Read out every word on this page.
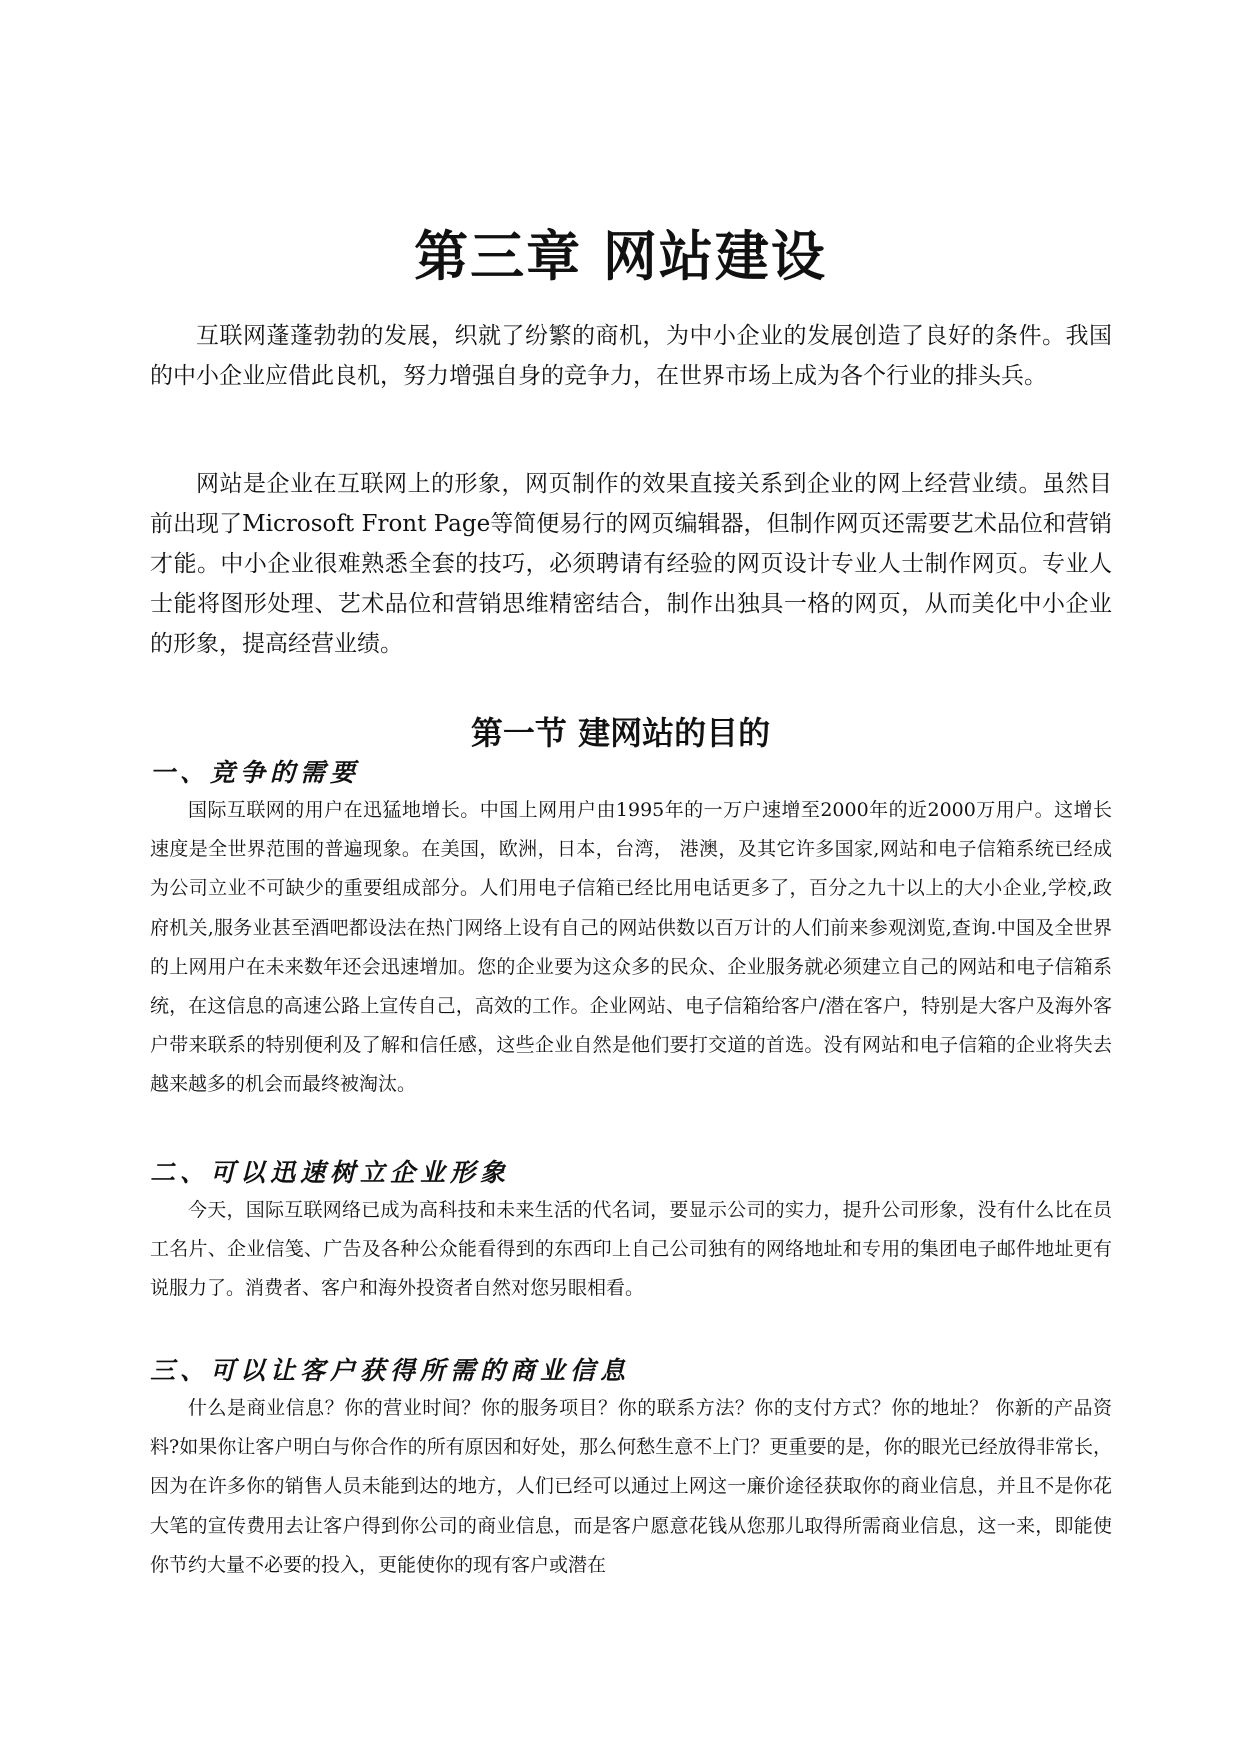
第三章 网站建设

互联网蓬蓬勃勃的发展，织就了纷繁的商机，为中小企业的发展创造了良好的条件。我国的中小企业应借此良机，努力增强自身的竞争力，在世界市场上成为各个行业的排头兵。

网站是企业在互联网上的形象，网页制作的效果直接关系到企业的网上经营业绩。虽然目前出现了Microsoft Front Page等简便易行的网页编辑器，但制作网页还需要艺术品位和营销才能。中小企业很难熟悉全套的技巧，必须聘请有经验的网页设计专业人士制作网页。专业人士能将图形处理、艺术品位和营销思维精密结合，制作出独具一格的网页，从而美化中小企业的形象，提高经营业绩。

第一节 建网站的目的
一、竞争的需要

国际互联网的用户在迅猛地增长。中国上网用户由1995年的一万户速增至2000年的近2000万用户。这增长速度是全世界范围的普遍现象。在美国，欧洲，日本，台湾， 港澳，及其它许多国家,网站和电子信箱系统已经成为公司立业不可缺少的重要组成部分。人们用电子信箱已经比用电话更多了，百分之九十以上的大小企业,学校,政府机关,服务业甚至酒吧都设法在热门网络上设有自己的网站供数以百万计的人们前来参观浏览,查询.中国及全世界的上网用户在未来数年还会迅速增加。您的企业要为这众多的民众、企业服务就必须建立自己的网站和电子信箱系统，在这信息的高速公路上宣传自己，高效的工作。企业网站、电子信箱给客户/潜在客户，特别是大客户及海外客户带来联系的特别便利及了解和信任感，这些企业自然是他们要打交道的首选。没有网站和电子信箱的企业将失去越来越多的机会而最终被淘汰。

二、可以迅速树立企业形象

今天，国际互联网络已成为高科技和未来生活的代名词，要显示公司的实力，提升公司形象，没有什么比在员工名片、企业信笺、广告及各种公众能看得到的东西印上自己公司独有的网络地址和专用的集团电子邮件地址更有说服力了。消费者、客户和海外投资者自然对您另眼相看。

三、可以让客户获得所需的商业信息

什么是商业信息？你的营业时间？你的服务项目？你的联系方法？你的支付方式？你的地址？ 你新的产品资料?如果你让客户明白与你合作的所有原因和好处，那么何愁生意不上门？更重要的是，你的眼光已经放得非常长，因为在许多你的销售人员未能到达的地方，人们已经可以通过上网这一廉价途径获取你的商业信息，并且不是你花大笔的宣传费用去让客户得到你公司的商业信息，而是客户愿意花钱从您那儿取得所需商业信息，这一来，即能使你节约大量不必要的投入，更能使你的现有客户或潜在
